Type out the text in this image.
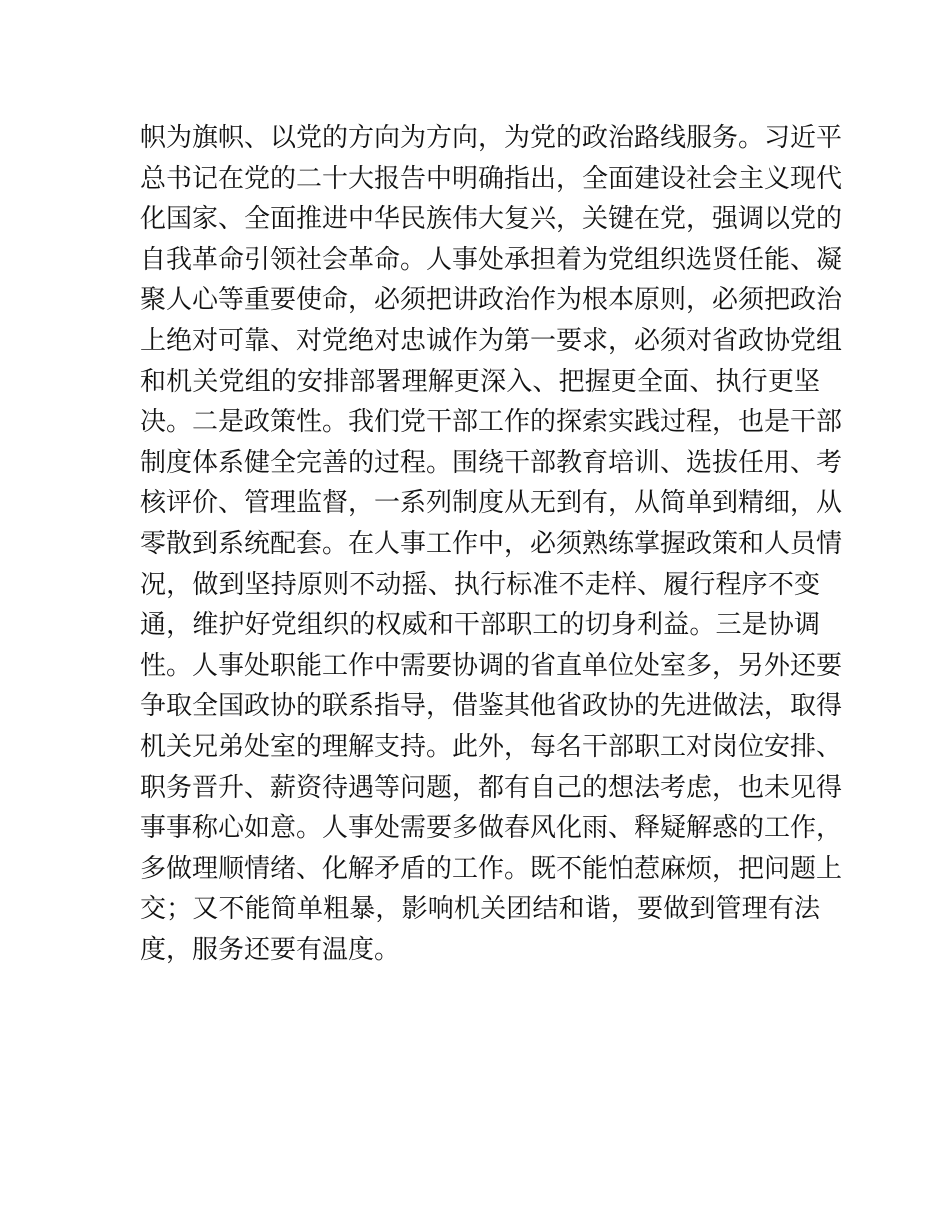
帜为旗帜、以党的方向为方向，为党的政治路线服务。习近平
总书记在党的二十大报告中明确指出，全面建设社会主义现代
化国家、全面推进中华民族伟大复兴，关键在党，强调以党的
自我革命引领社会革命。人事处承担着为党组织选贤任能、凝
聚人心等重要使命，必须把讲政治作为根本原则，必须把政治
上绝对可靠、对党绝对忠诚作为第一要求，必须对省政协党组
和机关党组的安排部署理解更深入、把握更全面、执行更坚
决。二是政策性。我们党干部工作的探索实践过程，也是干部
制度体系健全完善的过程。围绕干部教育培训、选拔任用、考
核评价、管理监督，一系列制度从无到有，从简单到精细，从
零散到系统配套。在人事工作中，必须熟练掌握政策和人员情
况，做到坚持原则不动摇、执行标准不走样、履行程序不变
通，维护好党组织的权威和干部职工的切身利益。三是协调
性。人事处职能工作中需要协调的省直单位处室多，另外还要
争取全国政协的联系指导，借鉴其他省政协的先进做法，取得
机关兄弟处室的理解支持。此外，每名干部职工对岗位安排、
职务晋升、薪资待遇等问题，都有自己的想法考虑，也未见得
事事称心如意。人事处需要多做春风化雨、释疑解惑的工作，
多做理顺情绪、化解矛盾的工作。既不能怕惹麻烦，把问题上
交；又不能简单粗暴，影响机关团结和谐，要做到管理有法
度，服务还要有温度。
